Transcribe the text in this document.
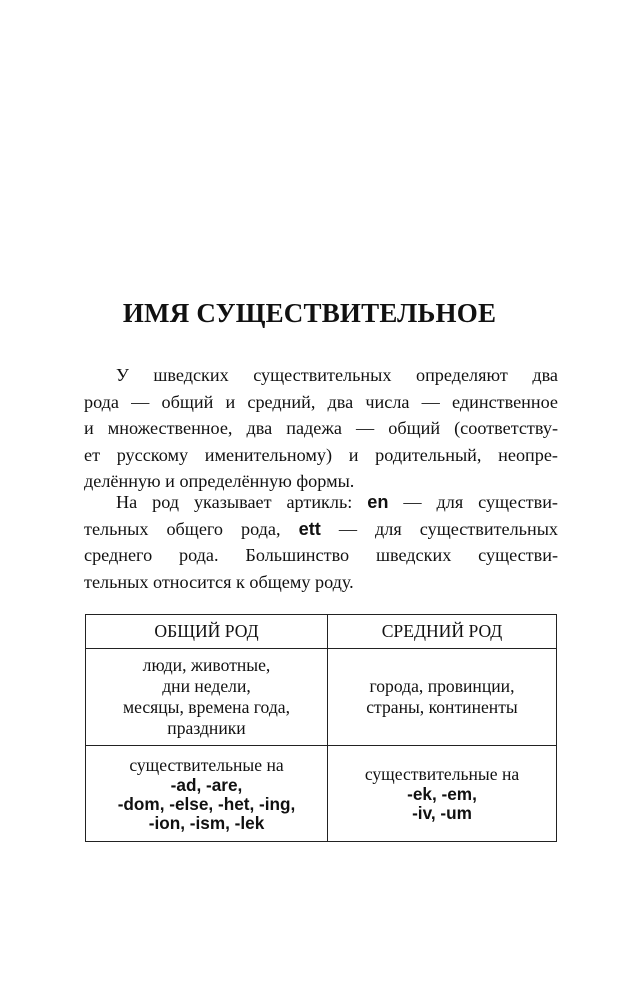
ИМЯ СУЩЕСТВИТЕЛЬНОЕ

У шведских существительных определяют два
рода — общий и средний, два числа — единственное
и множественное, два падежа — общий (соответству-
ет русскому именительному) и родительный, неопре-
делённую и определённую формы.

На род указывает артикль: en — для существи-
тельных общего рода, ett — для существительных
среднего рода. Большинство шведских существи-
тельных относится к общему роду.

ОБЩИЙ РОД	СРЕДНИЙ РОД

люди, животные,
дни недели,
месяцы, времена года,
праздники	города, провинции,
страны, континенты

существительные на
-ad, -are,
-dom, -else, -het, -ing,
-ion, -ism, -lek	существительные на
-ek, -em,
-iv, -um
